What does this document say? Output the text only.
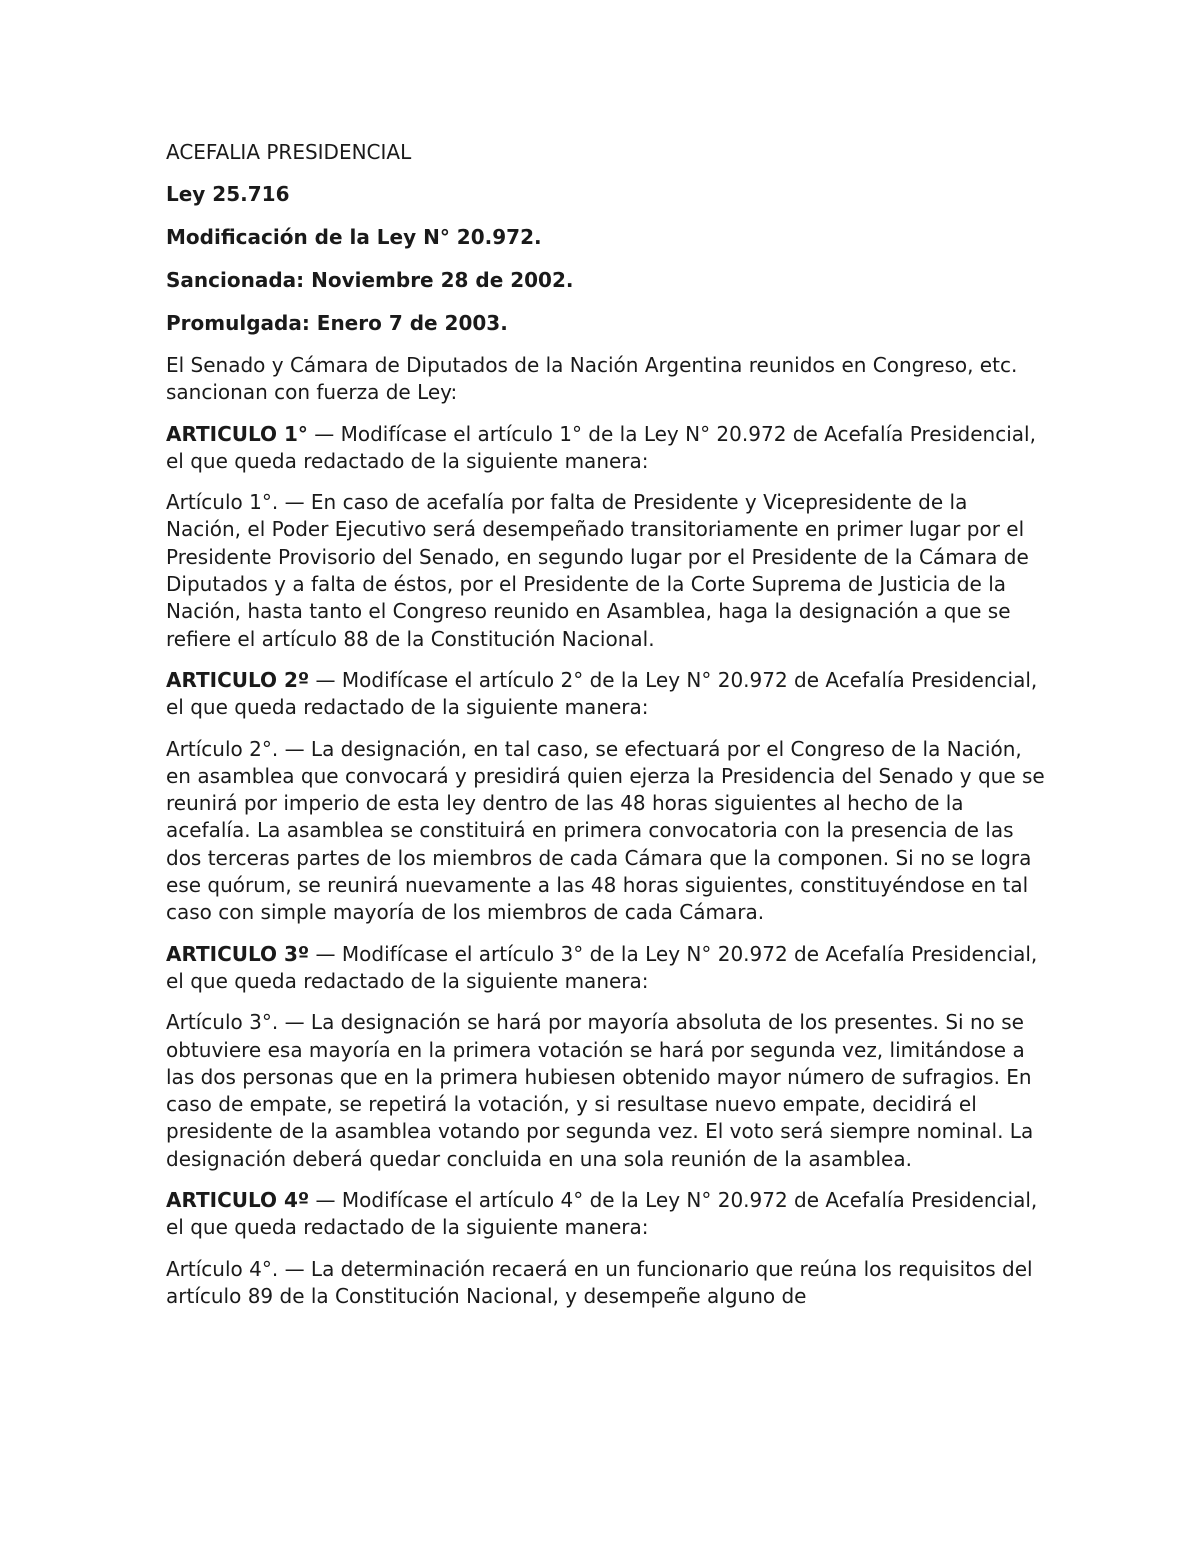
ACEFALIA PRESIDENCIAL
Ley 25.716
Modificación de la Ley N° 20.972.
Sancionada: Noviembre 28 de 2002.
Promulgada: Enero 7 de 2003.

El Senado y Cámara de Diputados de la Nación Argentina reunidos en Congreso, etc. sancionan con fuerza de Ley:

ARTICULO 1° — Modifícase el artículo 1° de la Ley N° 20.972 de Acefalía Presidencial, el que queda redactado de la siguiente manera:

Artículo 1°. — En caso de acefalía por falta de Presidente y Vicepresidente de la Nación, el Poder Ejecutivo será desempeñado transitoriamente en primer lugar por el Presidente Provisorio del Senado, en segundo lugar por el Presidente de la Cámara de Diputados y a falta de éstos, por el Presidente de la Corte Suprema de Justicia de la Nación, hasta tanto el Congreso reunido en Asamblea, haga la designación a que se refiere el artículo 88 de la Constitución Nacional.

ARTICULO 2º — Modifícase el artículo 2° de la Ley N° 20.972 de Acefalía Presidencial, el que queda redactado de la siguiente manera:

Artículo 2°. — La designación, en tal caso, se efectuará por el Congreso de la Nación, en asamblea que convocará y presidirá quien ejerza la Presidencia del Senado y que se reunirá por imperio de esta ley dentro de las 48 horas siguientes al hecho de la acefalía. La asamblea se constituirá en primera convocatoria con la presencia de las dos terceras partes de los miembros de cada Cámara que la componen. Si no se logra ese quórum, se reunirá nuevamente a las 48 horas siguientes, constituyéndose en tal caso con simple mayoría de los miembros de cada Cámara.

ARTICULO 3º — Modifícase el artículo 3° de la Ley N° 20.972 de Acefalía Presidencial, el que queda redactado de la siguiente manera:

Artículo 3°. — La designación se hará por mayoría absoluta de los presentes. Si no se obtuviere esa mayoría en la primera votación se hará por segunda vez, limitándose a las dos personas que en la primera hubiesen obtenido mayor número de sufragios. En caso de empate, se repetirá la votación, y si resultase nuevo empate, decidirá el presidente de la asamblea votando por segunda vez. El voto será siempre nominal. La designación deberá quedar concluida en una sola reunión de la asamblea.

ARTICULO 4º — Modifícase el artículo 4° de la Ley N° 20.972 de Acefalía Presidencial, el que queda redactado de la siguiente manera:

Artículo 4°. — La determinación recaerá en un funcionario que reúna los requisitos del artículo 89 de la Constitución Nacional, y desempeñe alguno de
